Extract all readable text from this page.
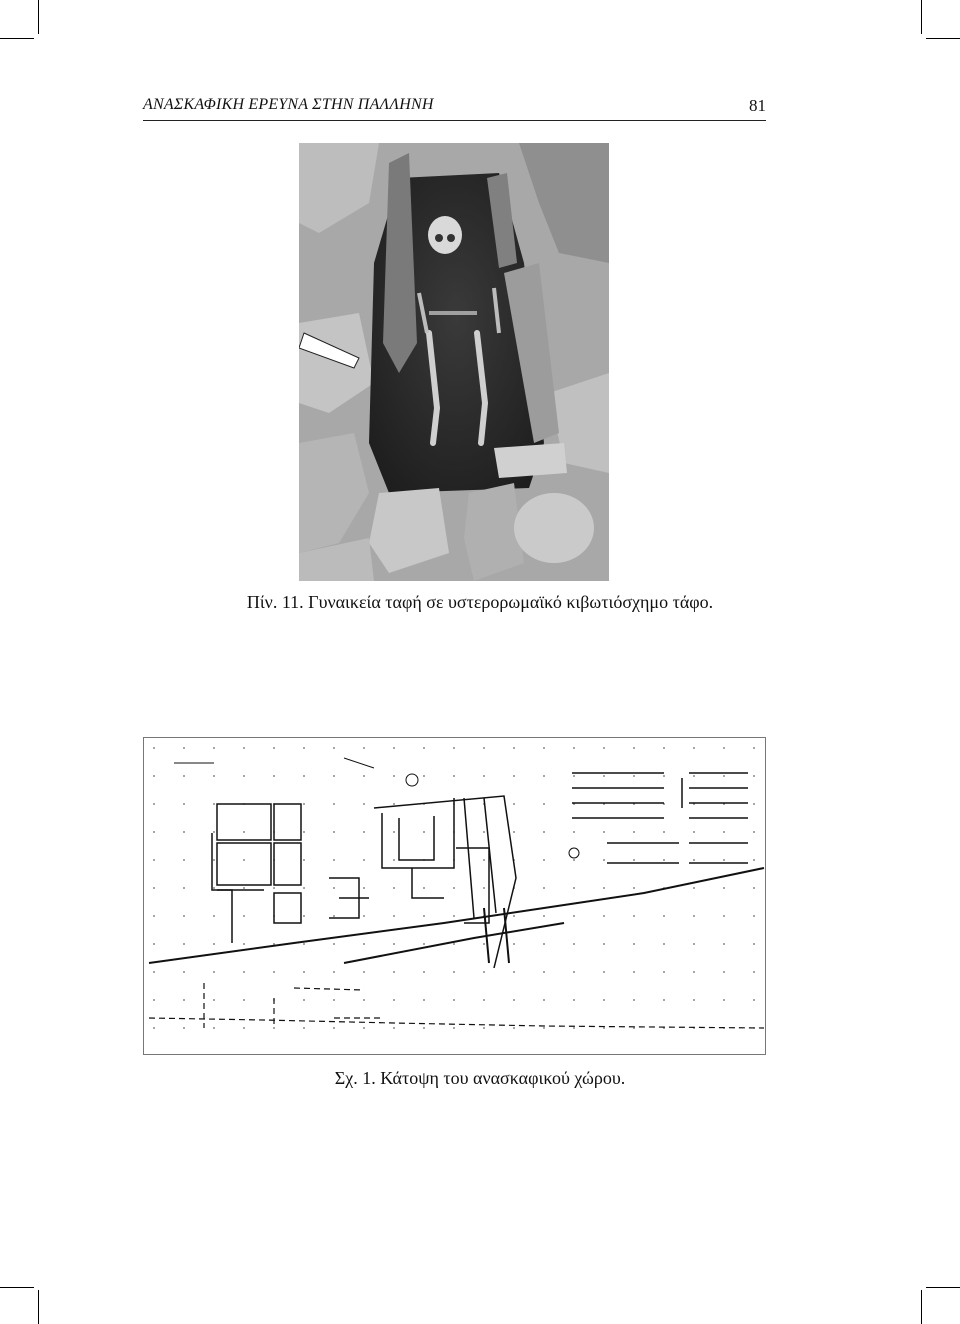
ΑΝΑΣΚΑΦΙΚΗ ΕΡΕΥΝΑ ΣΤΗΝ ΠΑΛΛΗΝΗ	81
Πίν. 11. Γυναικεία ταφή σε υστερορωμαϊκό κιβωτιόσχημο τάφο.
Σχ. 1. Κάτοψη του ανασκαφικού χώρου.
